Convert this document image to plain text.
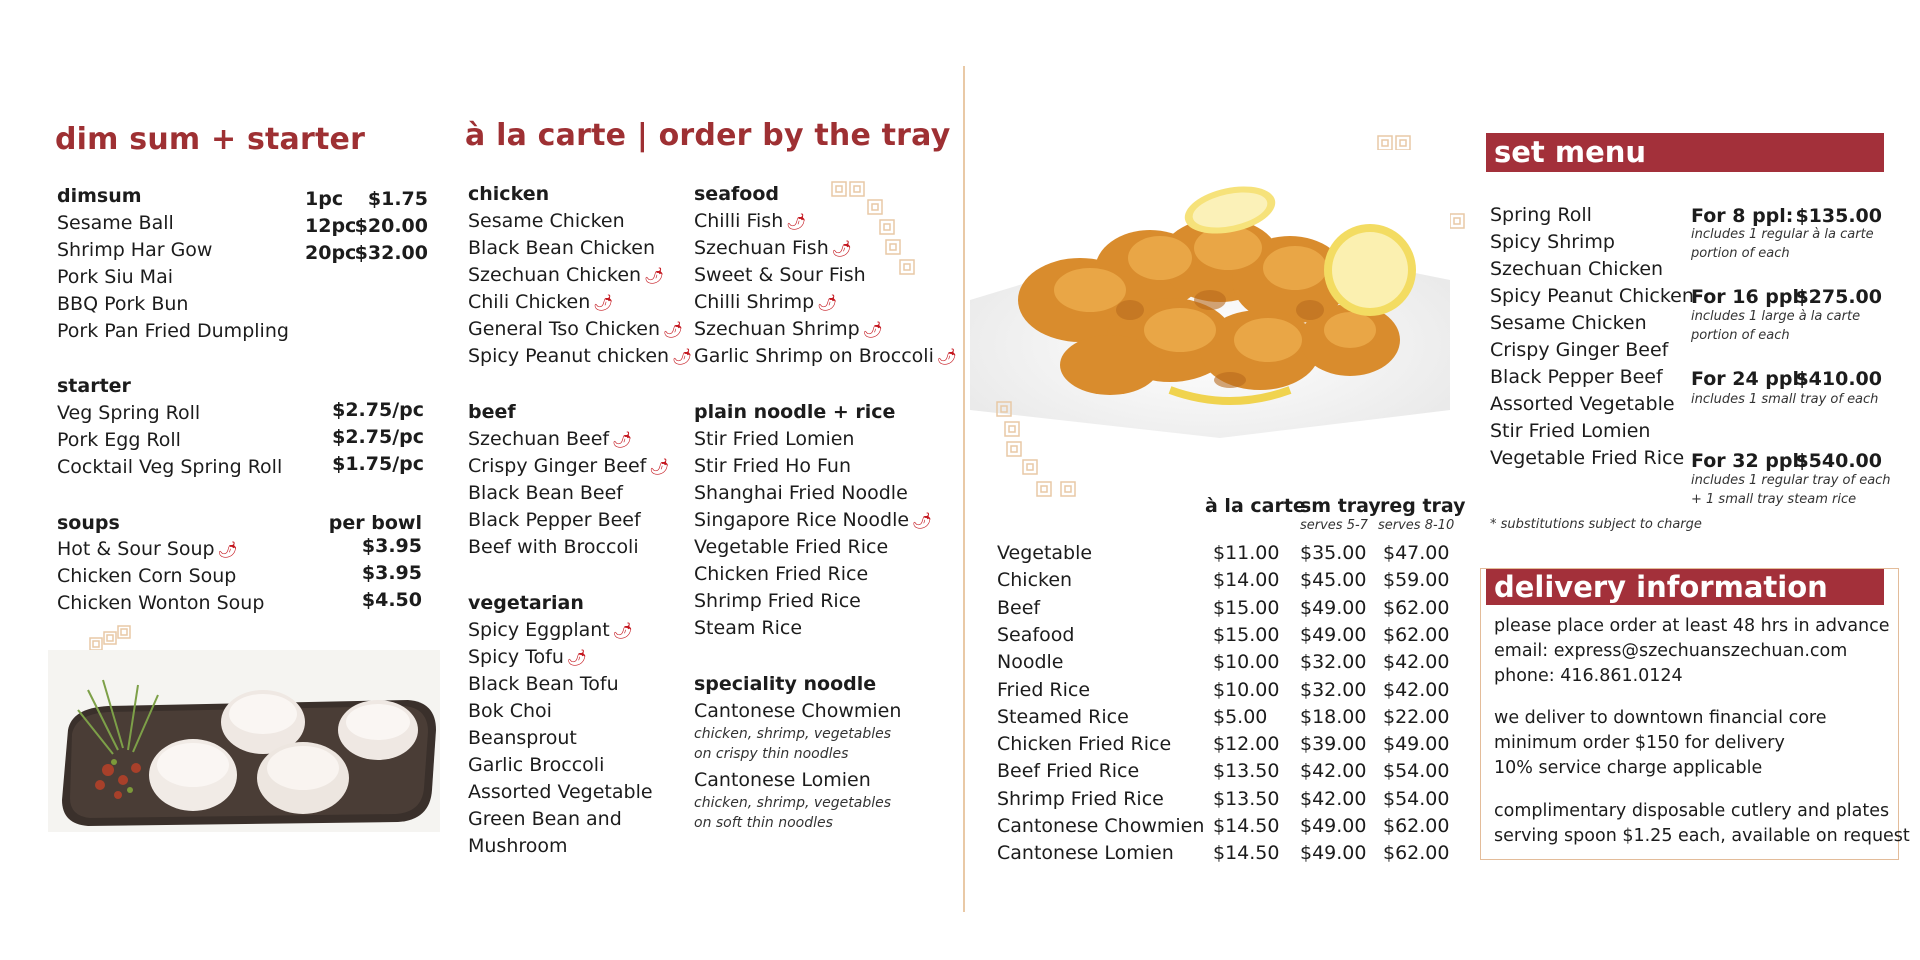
dim sum + starter
dimsum
Sesame Ball
Shrimp Har Gow
Pork Siu Mai
BBQ Pork Bun
Pork Pan Fried Dumpling
1pc	$1.75
12pc
$20.00
20pc
$32.00
starter
Veg Spring Roll	$2.75/pc
Pork Egg Roll	$2.75/pc
Cocktail Veg Spring Roll	$1.75/pc
soups	per bowl
Hot & Sour Soup 🌶	$3.95
Chicken Corn Soup	$3.95
Chicken Wonton Soup	$4.50
à la carte | order by the tray
chicken
Sesame Chicken
Black Bean Chicken
Szechuan Chicken 🌶
Chili Chicken 🌶
General Tso Chicken 🌶
Spicy Peanut chicken 🌶
beef
Szechuan Beef 🌶
Crispy Ginger Beef 🌶
Black Bean Beef
Black Pepper Beef
Beef with Broccoli
vegetarian
Spicy Eggplant 🌶
Spicy Tofu 🌶
Black Bean Tofu
Bok Choi
Beansprout
Garlic Broccoli
Assorted Vegetable
Green Bean and
Mushroom
seafood
Chilli Fish 🌶
Szechuan Fish 🌶
Sweet & Sour Fish
Chilli Shrimp 🌶
Szechuan Shrimp 🌶
Garlic Shrimp on Broccoli 🌶
plain noodle + rice
Stir Fried Lomien
Stir Fried Ho Fun
Shanghai Fried Noodle
Singapore Rice Noodle 🌶
Vegetable Fried Rice
Chicken Fried Rice
Shrimp Fried Rice
Steam Rice
speciality noodle
Cantonese Chowmien
chicken, shrimp, vegetables
on crispy thin noodles
Cantonese Lomien
chicken, shrimp, vegetables
on soft thin noodles
à la carte
sm tray reg tray
serves 5-7 serves 8-10
Vegetable	$11.00 $35.00 $47.00
Chicken	$14.00 $45.00 $59.00
Beef	$15.00 $49.00 $62.00
Seafood	$15.00 $49.00 $62.00
Noodle	$10.00 $32.00 $42.00
Fried Rice	$10.00 $32.00 $42.00
Steamed Rice	$5.00 $18.00 $22.00
Chicken Fried Rice $12.00 $39.00 $49.00
Beef Fried Rice	$13.50 $42.00 $54.00
Shrimp Fried Rice	$13.50 $42.00 $54.00
Cantonese Chowmien $14.50 $49.00 $62.00
Cantonese Lomien $14.50 $49.00 $62.00
set menu
Spring Roll
Spicy Shrimp
Szechuan Chicken
Spicy Peanut Chicken
Sesame Chicken
Crispy Ginger Beef
Black Pepper Beef
Assorted Vegetable
Stir Fried Lomien
Vegetable Fried Rice
For 8 ppl: $135.00
includes 1 regular à la carte
portion of each
For 16 ppl:
$275.00
includes 1 large à la carte
portion of each
For 24 ppl:
$410.00
includes 1 small tray of each
For 32 ppl:
$540.00
includes 1 regular tray of each
+ 1 small tray steam rice
* substitutions subject to charge
delivery information
please place order at least 48 hrs in advance
email: express@szechuanszechuan.com
phone: 416.861.0124
we deliver to downtown financial core
minimum order $150 for delivery
10% service charge applicable
complimentary disposable cutlery and plates
serving spoon $1.25 each, available on request
